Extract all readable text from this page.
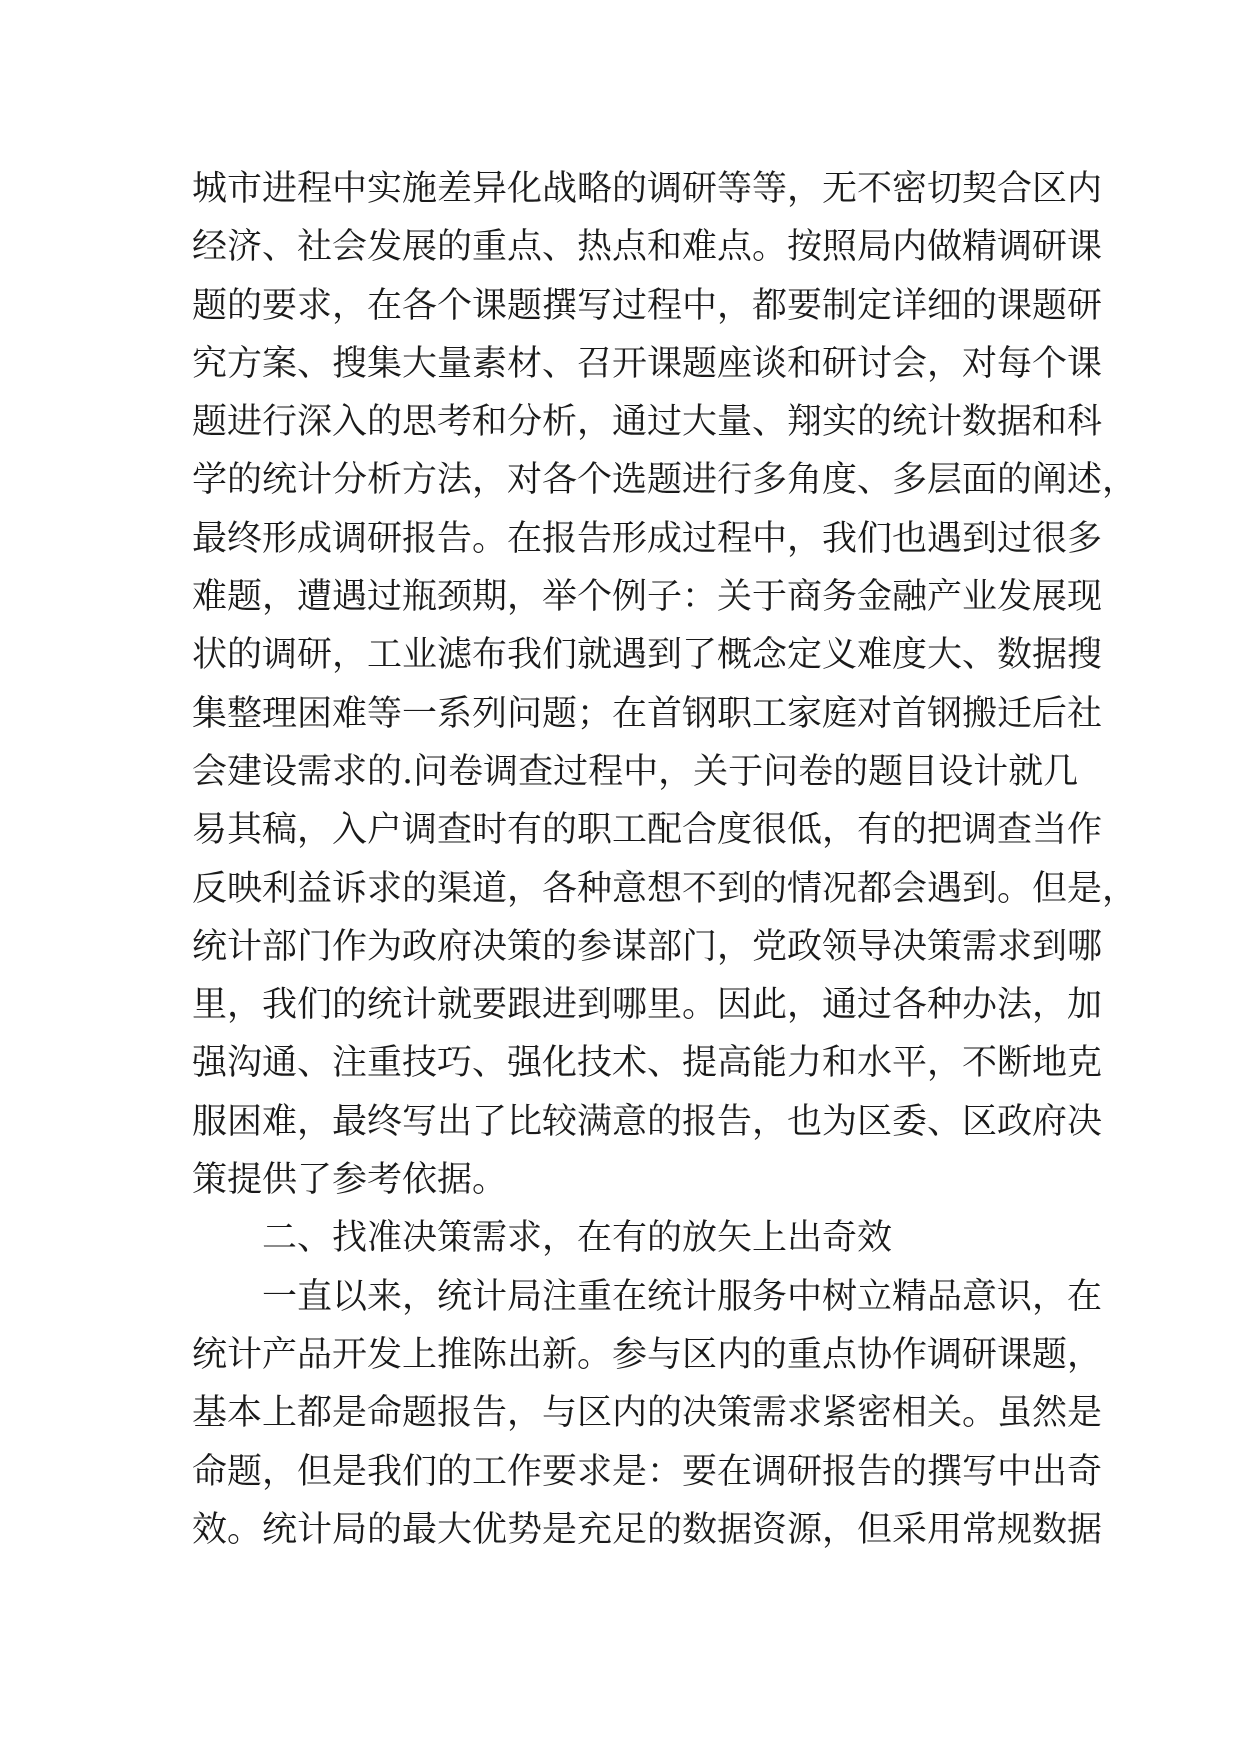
城市进程中实施差异化战略的调研等等，无不密切契合区内
经济、社会发展的重点、热点和难点。按照局内做精调研课
题的要求，在各个课题撰写过程中，都要制定详细的课题研
究方案、搜集大量素材、召开课题座谈和研讨会，对每个课
题进行深入的思考和分析，通过大量、翔实的统计数据和科
学的统计分析方法，对各个选题进行多角度、多层面的阐述，
最终形成调研报告。在报告形成过程中，我们也遇到过很多
难题，遭遇过瓶颈期，举个例子：关于商务金融产业发展现
状的调研，工业滤布我们就遇到了概念定义难度大、数据搜
集整理困难等一系列问题；在首钢职工家庭对首钢搬迁后社
会建设需求的.问卷调查过程中，关于问卷的题目设计就几
易其稿，入户调查时有的职工配合度很低，有的把调查当作
反映利益诉求的渠道，各种意想不到的情况都会遇到。但是，
统计部门作为政府决策的参谋部门，党政领导决策需求到哪
里，我们的统计就要跟进到哪里。因此，通过各种办法，加
强沟通、注重技巧、强化技术、提高能力和水平，不断地克
服困难，最终写出了比较满意的报告，也为区委、区政府决
策提供了参考依据。
二、找准决策需求，在有的放矢上出奇效
一直以来，统计局注重在统计服务中树立精品意识，在
统计产品开发上推陈出新。参与区内的重点协作调研课题，
基本上都是命题报告，与区内的决策需求紧密相关。虽然是
命题，但是我们的工作要求是：要在调研报告的撰写中出奇
效。统计局的最大优势是充足的数据资源，但采用常规数据
